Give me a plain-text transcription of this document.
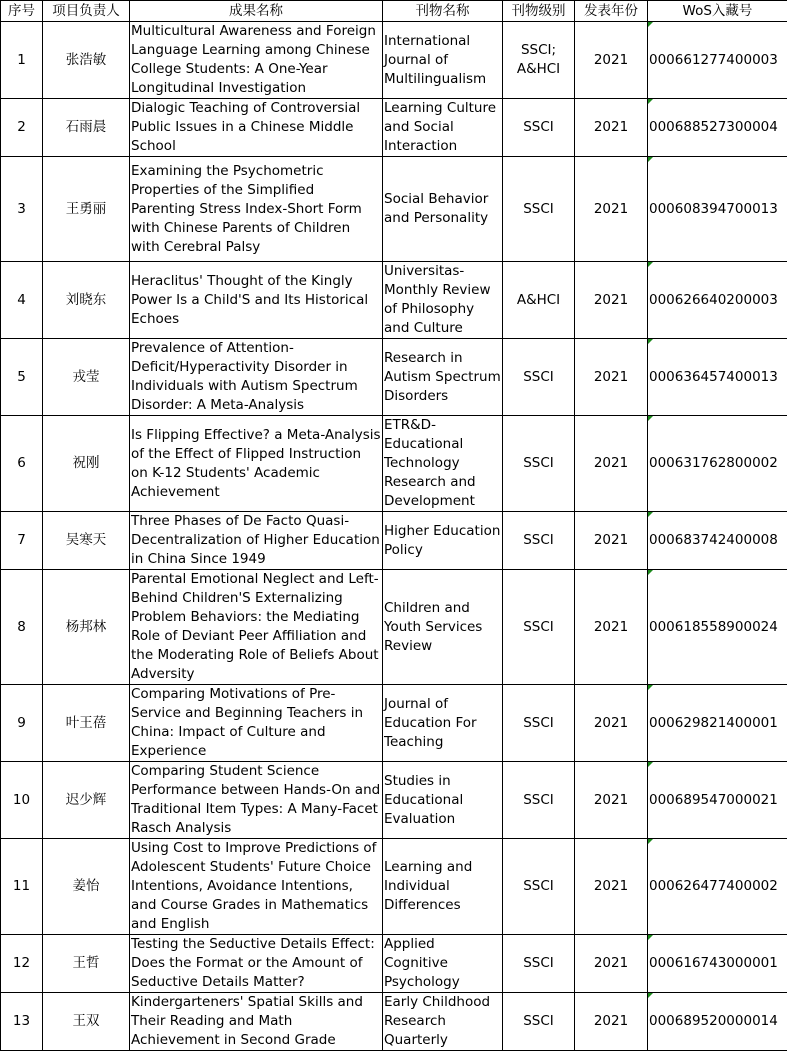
序号	项目负责人	成果名称	刊物名称	刊物级别	发表年份	WoS入藏号
1	张浩敏	Multicultural Awareness and Foreign Language Learning among Chinese College Students: A One-Year Longitudinal Investigation	International Journal of Multilingualism	SSCI; A&HCI	2021	000661277400003
2	石雨晨	Dialogic Teaching of Controversial Public Issues in a Chinese Middle School	Learning Culture and Social Interaction	SSCI	2021	000688527300004
3	王勇丽	Examining the Psychometric Properties of the Simplified Parenting Stress Index-Short Form with Chinese Parents of Children with Cerebral Palsy	Social Behavior and Personality	SSCI	2021	000608394700013
4	刘晓东	Heraclitus' Thought of the Kingly Power Is a Child'S and Its Historical Echoes	Universitas-Monthly Review of Philosophy and Culture	A&HCI	2021	000626640200003
5	戎莹	Prevalence of Attention-Deficit/Hyperactivity Disorder in Individuals with Autism Spectrum Disorder: A Meta-Analysis	Research in Autism Spectrum Disorders	SSCI	2021	000636457400013
6	祝刚	Is Flipping Effective? a Meta-Analysis of the Effect of Flipped Instruction on K-12 Students' Academic Achievement	ETR&D-Educational Technology Research and Development	SSCI	2021	000631762800002
7	吴寒天	Three Phases of De Facto Quasi-Decentralization of Higher Education in China Since 1949	Higher Education Policy	SSCI	2021	000683742400008
8	杨邦林	Parental Emotional Neglect and Left-Behind Children'S Externalizing Problem Behaviors: the Mediating Role of Deviant Peer Affiliation and the Moderating Role of Beliefs About Adversity	Children and Youth Services Review	SSCI	2021	000618558900024
9	叶王蓓	Comparing Motivations of Pre-Service and Beginning Teachers in China: Impact of Culture and Experience	Journal of Education For Teaching	SSCI	2021	000629821400001
10	迟少辉	Comparing Student Science Performance between Hands-On and Traditional Item Types: A Many-Facet Rasch Analysis	Studies in Educational Evaluation	SSCI	2021	000689547000021
11	姜怡	Using Cost to Improve Predictions of Adolescent Students' Future Choice Intentions, Avoidance Intentions, and Course Grades in Mathematics and English	Learning and Individual Differences	SSCI	2021	000626477400002
12	王哲	Testing the Seductive Details Effect: Does the Format or the Amount of Seductive Details Matter?	Applied Cognitive Psychology	SSCI	2021	000616743000001
13	王双	Kindergarteners' Spatial Skills and Their Reading and Math Achievement in Second Grade	Early Childhood Research Quarterly	SSCI	2021	000689520000014
